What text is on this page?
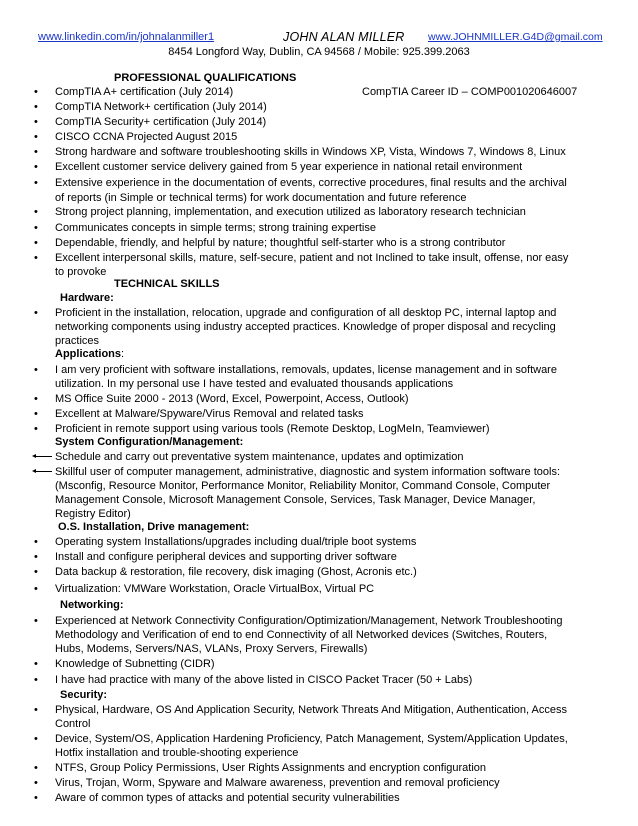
www.linkedin.com/in/johnalanmiller1	JOHN ALAN MILLER www.JOHNMILLER.G4D@gmail.com
8454 Longford Way, Dublin, CA 94568 / Mobile: 925.399.2063
PROFESSIONAL QUALIFICATIONS
•	CompTIA A+ certification (July 2014)	CompTIA Career ID – COMP001020646007
•	CompTIA Network+ certification (July 2014)
•	CompTIA Security+ certification (July 2014)
•	CISCO CCNA Projected August 2015
•	Strong hardware and software troubleshooting skills in Windows XP, Vista, Windows 7, Windows 8, Linux
•	Excellent customer service delivery gained from 5 year experience in national retail environment
•	Extensive experience in the documentation of events, corrective procedures, final results and the archival
of reports (in Simple or technical terms) for work documentation and future reference
•	Strong project planning, implementation, and execution utilized as laboratory research technician
•	Communicates concepts in simple terms; strong training expertise
•	Dependable, friendly, and helpful by nature; thoughtful self-starter who is a strong contributor
•	Excellent interpersonal skills, mature, self-secure, patient and not Inclined to take insult, offense, nor easy
to provoke
TECHNICAL SKILLS
Hardware:
•	Proficient in the installation, relocation, upgrade and configuration of all desktop PC, internal laptop and
networking components using industry accepted practices. Knowledge of proper disposal and recycling
practices
Applications:
•	I am very proficient with software installations, removals, updates, license management and in software
utilization. In my personal use I have tested and evaluated thousands applications
•	MS Office Suite 2000 - 2013 (Word, Excel, Powerpoint, Access, Outlook)
•	Excellent at Malware/Spyware/Virus Removal and related tasks
•	Proficient in remote support using various tools (Remote Desktop, LogMeIn, Teamviewer)
System Configuration/Management:
Schedule and carry out preventative system maintenance, updates and optimization
Skillful user of computer management, administrative, diagnostic and system information software tools:
(Msconfig, Resource Monitor, Performance Monitor, Reliability Monitor, Command Console, Computer
Management Console, Microsoft Management Console, Services, Task Manager, Device Manager,
Registry Editor)
O.S. Installation, Drive management:
•	Operating system Installations/upgrades including dual/triple boot systems
•	Install and configure peripheral devices and supporting driver software
•	Data backup & restoration, file recovery, disk imaging (Ghost, Acronis etc.)
•	Virtualization: VMWare Workstation, Oracle VirtualBox, Virtual PC
Networking:
•	Experienced at Network Connectivity Configuration/Optimization/Management, Network Troubleshooting
Methodology and Verification of end to end Connectivity of all Networked devices (Switches, Routers,
Hubs, Modems, Servers/NAS, VLANs, Proxy Servers, Firewalls)
•	Knowledge of Subnetting (CIDR)
•	I have had practice with many of the above listed in CISCO Packet Tracer (50 + Labs)
Security:
•	Physical, Hardware, OS And Application Security, Network Threats And Mitigation, Authentication, Access
Control
•	Device, System/OS, Application Hardening Proficiency, Patch Management, System/Application Updates,
Hotfix installation and trouble-shooting experience
•	NTFS, Group Policy Permissions, User Rights Assignments and encryption configuration
•	Virus, Trojan, Worm, Spyware and Malware awareness, prevention and removal proficiency
•	Aware of common types of attacks and potential security vulnerabilities
